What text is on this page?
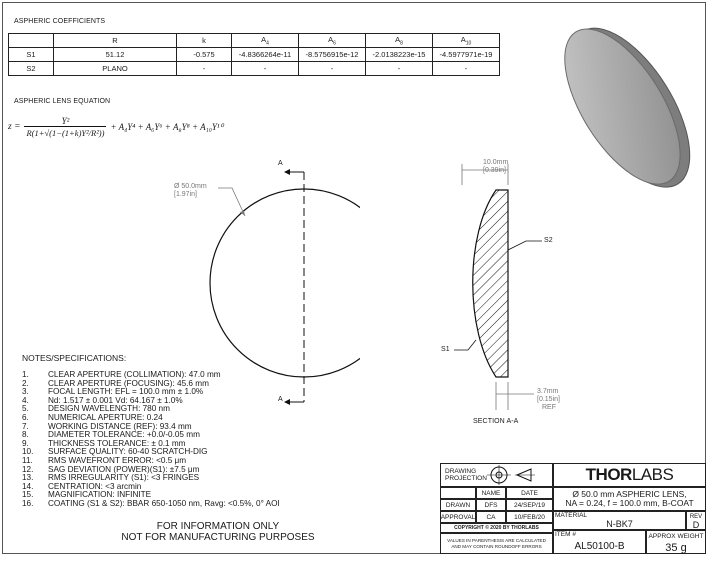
ASPHERIC COEFFICIENTS
	R	k	$A_4$	$A_6$	$A_8$	$A_{10}$
S1	51.12	-0.575	-4.8366264e-11	-8.5756915e-12	-2.0138223e-15	-4.5977971e-19
S2	PLANO	-	-	-	-	-
ASPHERIC LENS EQUATION
$z = \frac{\text{Y²}}{\text{R(1+√(1−(1+k)Y²/R²))}} + A_4Y^4 + A_6Y^6 + A_8Y^8 + A_{10}Y^{10}$
A
A
Ø 50.0mm
[1.97in]
10.0mm
[0.39in]
S2
S1
3.7mm
[0.15in]
REF
SECTION A-A
NOTES/SPECIFICATIONS:
1.	CLEAR APERTURE (COLLIMATION): 47.0 mm
2.	CLEAR APERTURE (FOCUSING): 45.6 mm
3.	FOCAL LENGTH: EFL = 100.0 mm ± 1.0%
4.	Nd: 1.517 ± 0.001 Vd: 64.167 ± 1.0%
5.	DESIGN WAVELENGTH: 780 nm
6.	NUMERICAL APERTURE: 0.24
7.	WORKING DISTANCE (REF): 93.4 mm
8.	DIAMETER TOLERANCE: +0.0/-0.05 mm
9.	THICKNESS TOLERANCE: ± 0.1 mm
10.	SURFACE QUALITY: 60-40 SCRATCH-DIG
11.	RMS WAVEFRONT ERROR: <0.5 μm
12.	SAG DEVIATION (POWER)(S1): ±7.5 μm
13.	RMS IRREGULARITY (S1): <3 FRINGES
14.	CENTRATION: <3 arcmin
15.	MAGNIFICATION: INFINITE
16.	COATING (S1 & S2): BBAR 650-1050 nm, Ravg: <0.5%, 0° AOI
FOR INFORMATION ONLY
NOT FOR MANUFACTURING PURPOSES
DRAWING PROJECTION	THORLABS
NAME	DATE
DRAWN	DFS	24/SEP/19
APPROVAL	CA	10/FEB/20
Ø 50.0 mm ASPHERIC LENS,
NA = 0.24, f = 100.0 mm, B-COAT
COPYRIGHT © 2020 BY THORLABS
VALUES IN PARENTHESIS ARE CALCULATED AND MAY CONTAIN ROUNDOFF ERRORS
MATERIAL
N-BK7
REV
D
ITEM #
AL50100-B
APPROX WEIGHT
35 g
